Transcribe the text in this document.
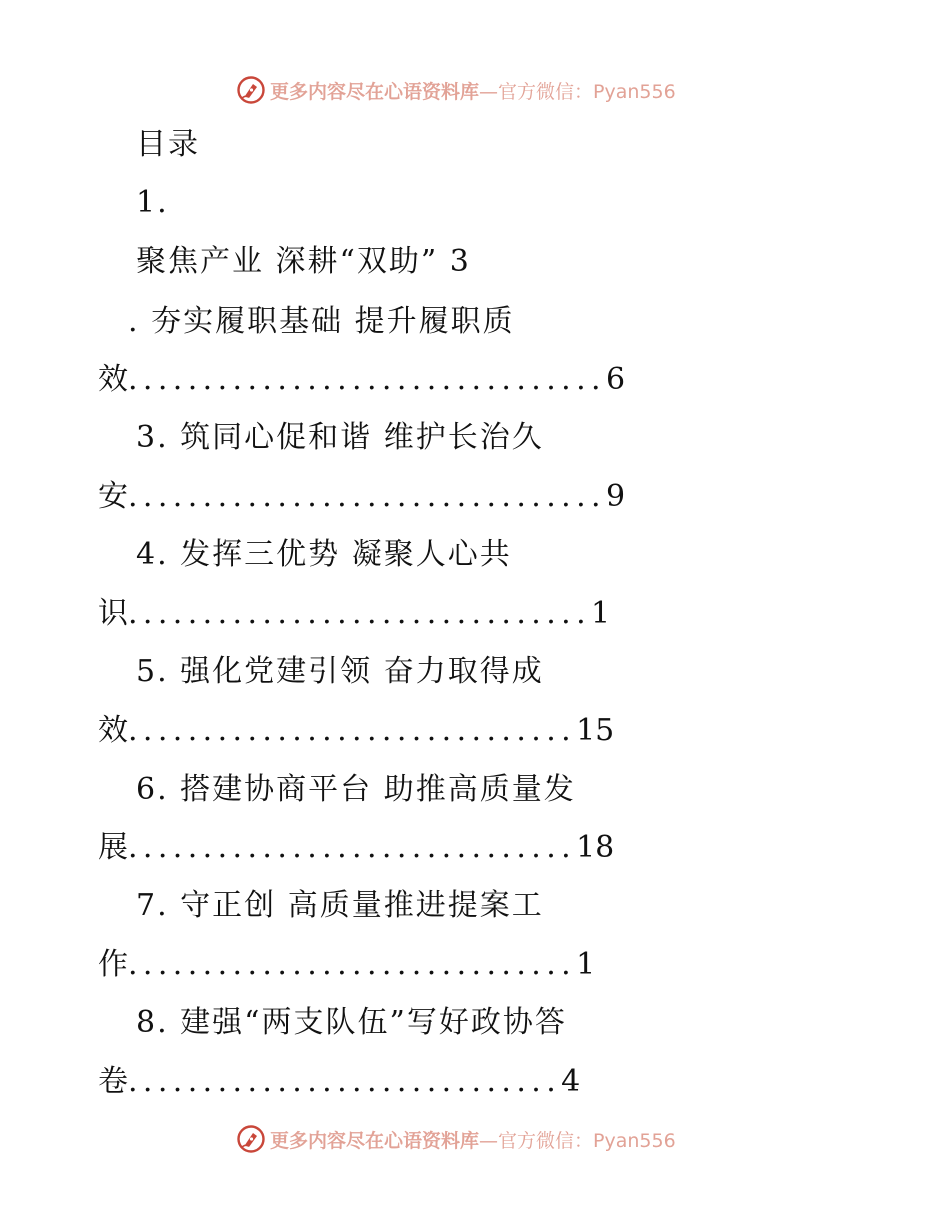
更多内容尽在心语资料库 —官方微信：Pyan556
目录
1.
聚焦产业 深耕“双助” 3
. 夯实履职基础 提升履职质
效 ................................ 6
3. 筑同心促和谐 维护长治久
安 ................................ 9
4. 发挥三优势 凝聚人心共
识 ............................... 1
5. 强化党建引领 奋力取得成
效 .............................. 15
6. 搭建协商平台 助推高质量发
展 .............................. 18
7. 守正创 高质量推进提案工
作 .............................. 1
8. 建强“两支队伍”写好政协答
卷 ............................. 4
更多内容尽在心语资料库 —官方微信：Pyan556
